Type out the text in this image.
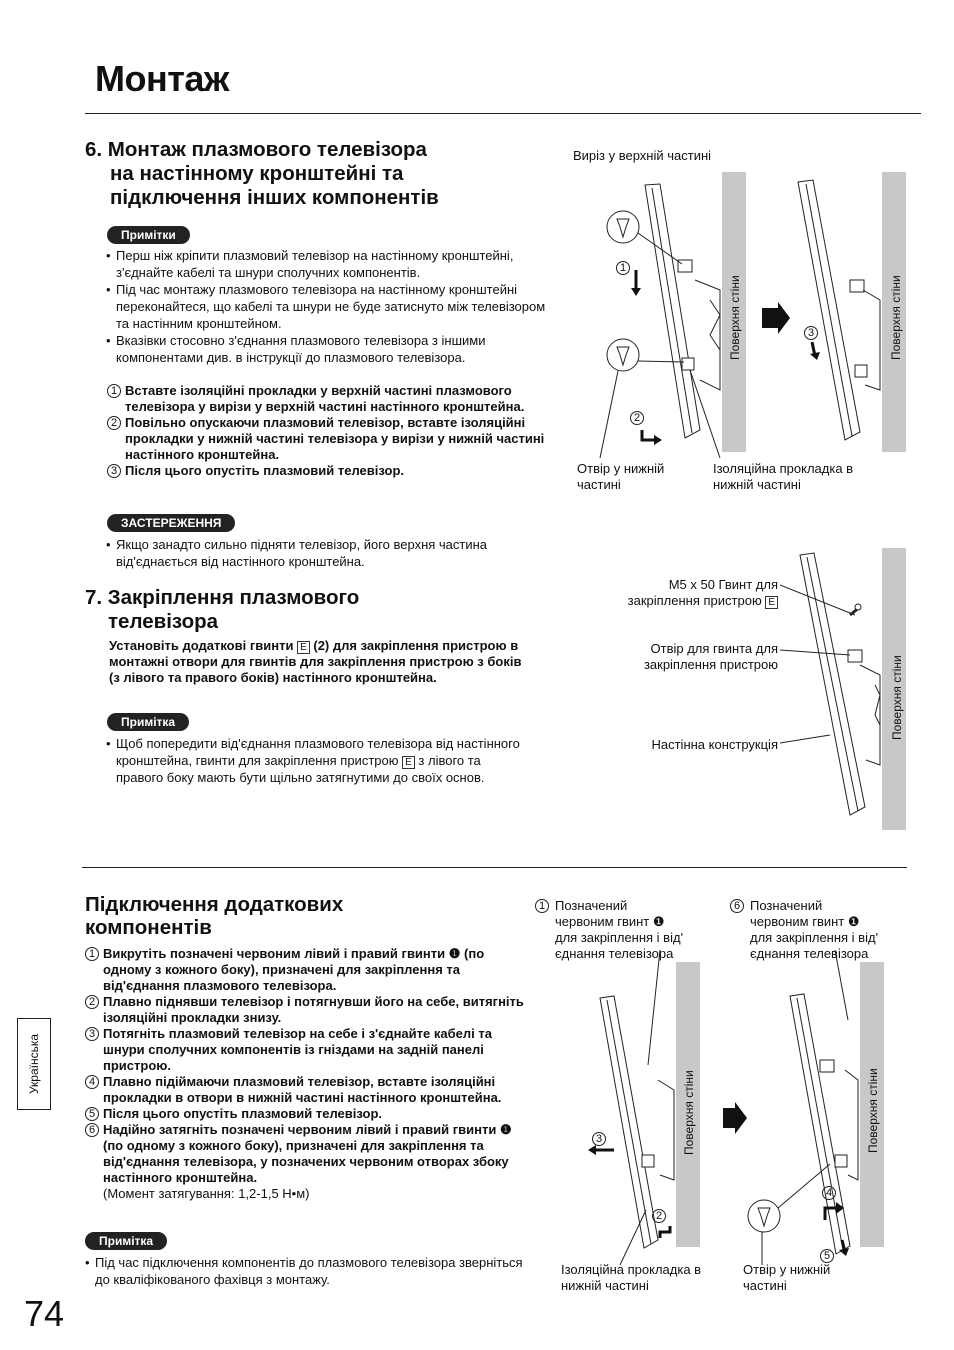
Монтаж
6. Монтаж плазмового телевізора
на настінному кронштейні та
підключення інших компонентів
Примітки
• Перш ніж кріпити плазмовий телевізор на настінному кронштейні, з'єднайте кабелі та шнури сполучних компонентів.
• Під час монтажу плазмового телевізора на настінному кронштейні переконайтеся, що кабелі та шнури не буде затиснуто між телевізором та настінним кронштейном.
• Вказівки стосовно з'єднання плазмового телевізора з іншими компонентами див. в інструкції до плазмового телевізора.
1 Вставте ізоляційні прокладки у верхній частині плазмового телевізора у вирізи у верхній частині настінного кронштейна.
2 Повільно опускаючи плазмовий телевізор, вставте ізоляційні прокладки у нижній частині телевізора у вирізи у нижній частині настінного кронштейна.
3 Після цього опустіть плазмовий телевізор.
ЗАСТЕРЕЖЕННЯ
• Якщо занадто сильно підняти телевізор, його верхня частина від'єднається від настінного кронштейна.
Виріз у верхній частині
1
2
3
Поверхня стіни	Поверхня стіни
Отвір у нижній
частині
Ізоляційна прокладка в
нижній частині
7. Закріплення плазмового
телевізора
Установіть додаткові гвинти E (2) для закріплення пристрою в монтажні отвори для гвинтів для закріплення пристрою з боків (з лівого та правого боків) настінного кронштейна.
Примітка
• Щоб попередити від'єднання плазмового телевізора від настінного кронштейна, гвинти для закріплення пристрою E з лівого та правого боку мають бути щільно затягнутими до своїх основ.
M5 x 50 Гвинт для
закріплення пристрою E
Отвір для гвинта для
закріплення пристрою
Настінна конструкція
Поверхня стіни
Підключення додаткових
компонентів
1 Викрутіть позначені червоним лівий і правий гвинти ❶ (по одному з кожного боку), призначені для закріплення та від'єднання плазмового телевізора.
2 Плавно піднявши телевізор і потягнувши його на себе, витягніть ізоляційні прокладки знизу.
3 Потягніть плазмовий телевізор на себе і з'єднайте кабелі та шнури сполучних компонентів із гніздами на задній панелі пристрою.
4 Плавно підіймаючи плазмовий телевізор, вставте ізоляційні прокладки в отвори в нижній частині настінного кронштейна.
5 Після цього опустіть плазмовий телевізор.
6 Надійно затягніть позначені червоним лівий і правий гвинти ❶ (по одному з кожного боку), призначені для закріплення та від'єднання телевізора, у позначених червоним отворах збоку настінного кронштейна.
(Момент затягування: 1,2-1,5 Н•м)
Примітка
• Під час підключення компонентів до плазмового телевізора зверніться до кваліфікованого фахівця з монтажу.
1 Позначений
червоним гвинт ❶
для закріплення і від'
єднання телевізора
6 Позначений
червоним гвинт ❶
для закріплення і від'
єднання телевізора
3
2
4
5
Поверхня стіни	Поверхня стіни
Ізоляційна прокладка в
нижній частині
Отвір у нижній
частині
Українська
74
